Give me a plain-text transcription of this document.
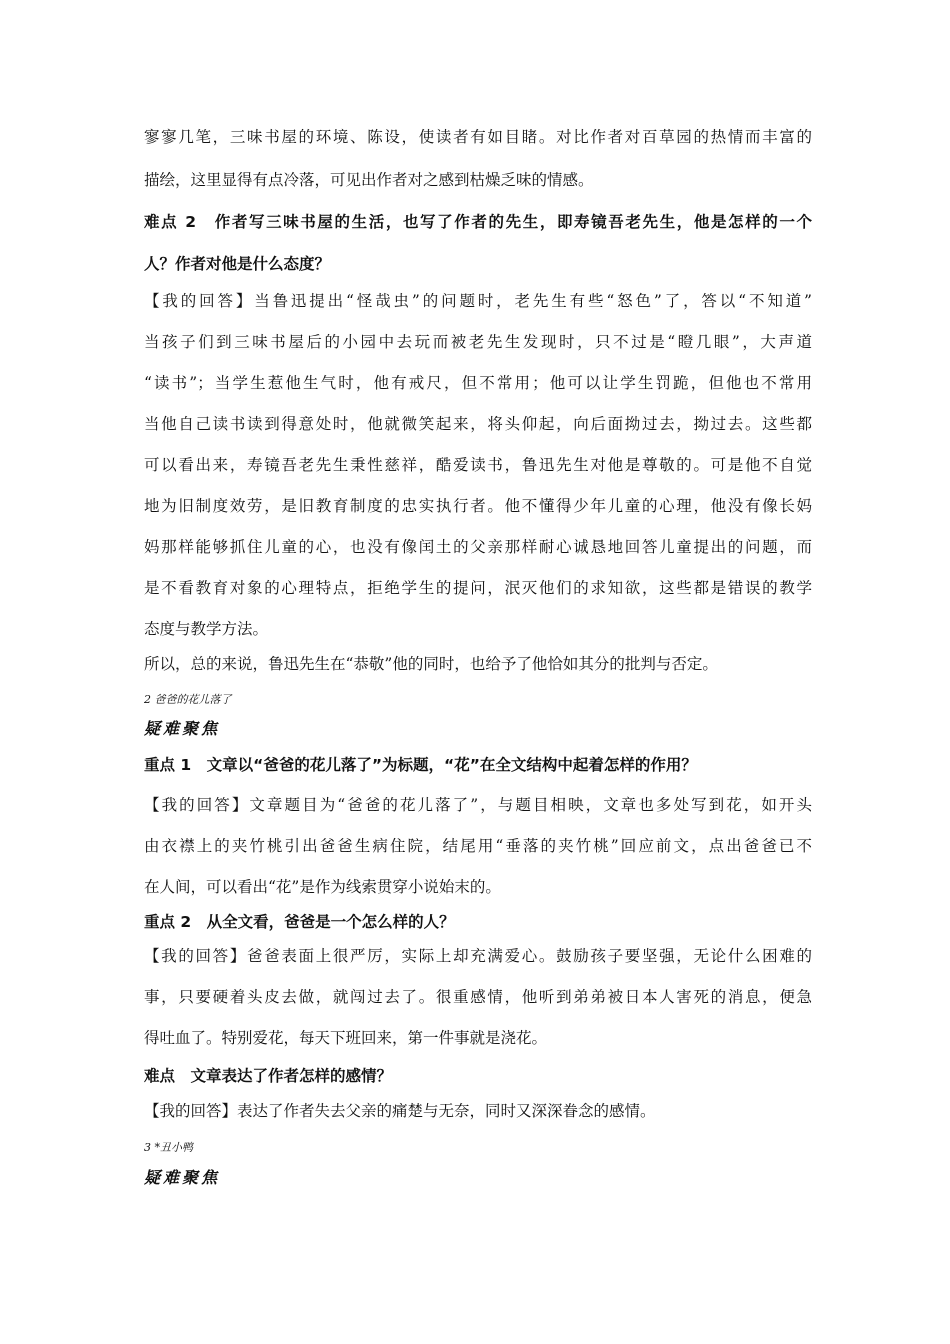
寥寥几笔，三味书屋的环境、陈设，使读者有如目睹。对比作者对百草园的热情而丰富的
描绘，这里显得有点冷落，可见出作者对之感到枯燥乏味的情感。
难点 2　作者写三味书屋的生活，也写了作者的先生，即寿镜吾老先生，他是怎样的一个
人？作者对他是什么态度？
【我的回答】当鲁迅提出“怪哉虫”的问题时，老先生有些“怒色”了，答以“不知道”
当孩子们到三味书屋后的小园中去玩而被老先生发现时，只不过是“瞪几眼”，大声道
“读书”；当学生惹他生气时，他有戒尺，但不常用；他可以让学生罚跪，但他也不常用
当他自己读书读到得意处时，他就微笑起来，将头仰起，向后面拗过去，拗过去。这些都
可以看出来，寿镜吾老先生秉性慈祥，酷爱读书，鲁迅先生对他是尊敬的。可是他不自觉
地为旧制度效劳，是旧教育制度的忠实执行者。他不懂得少年儿童的心理，他没有像长妈
妈那样能够抓住儿童的心，也没有像闰土的父亲那样耐心诚恳地回答儿童提出的问题，而
是不看教育对象的心理特点，拒绝学生的提问，泯灭他们的求知欲，这些都是错误的教学
态度与教学方法。
所以，总的来说，鲁迅先生在“恭敬”他的同时，也给予了他恰如其分的批判与否定。
2 爸爸的花儿落了
疑难聚焦
重点 1　文章以“爸爸的花儿落了”为标题，“花”在全文结构中起着怎样的作用？
【我的回答】文章题目为“爸爸的花儿落了”，与题目相映，文章也多处写到花，如开头
由衣襟上的夹竹桃引出爸爸生病住院，结尾用“垂落的夹竹桃”回应前文，点出爸爸已不
在人间，可以看出“花”是作为线索贯穿小说始末的。
重点 2　从全文看，爸爸是一个怎么样的人？
【我的回答】爸爸表面上很严厉，实际上却充满爱心。鼓励孩子要坚强，无论什么困难的
事，只要硬着头皮去做，就闯过去了。很重感情，他听到弟弟被日本人害死的消息，便急
得吐血了。特别爱花，每天下班回来，第一件事就是浇花。
难点　文章表达了作者怎样的感情？
【我的回答】表达了作者失去父亲的痛楚与无奈，同时又深深眷念的感情。
3 *丑小鸭
疑难聚焦
